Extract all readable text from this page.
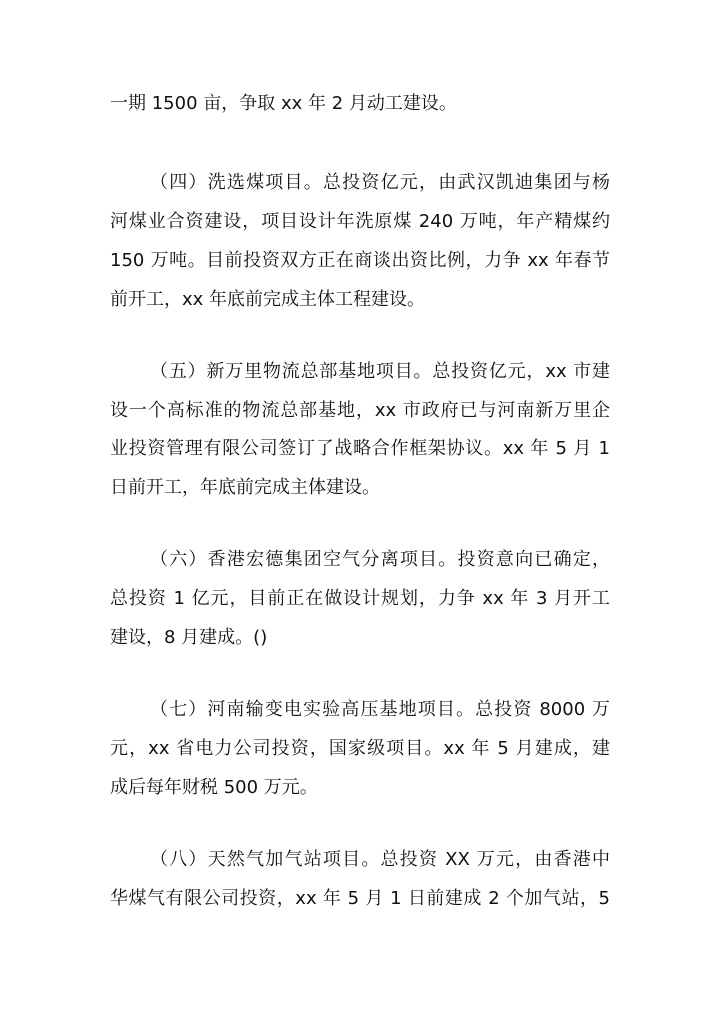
一期 1500 亩，争取 xx 年 2 月动工建设。
（四）洗选煤项目。总投资亿元，由武汉凯迪集团与杨
河煤业合资建设，项目设计年洗原煤 240 万吨，年产精煤约
150 万吨。目前投资双方正在商谈出资比例，力争 xx 年春节
前开工，xx 年底前完成主体工程建设。
（五）新万里物流总部基地项目。总投资亿元，xx 市建
设一个高标准的物流总部基地，xx 市政府已与河南新万里企
业投资管理有限公司签订了战略合作框架协议。xx 年 5 月 1
日前开工，年底前完成主体建设。
（六）香港宏德集团空气分离项目。投资意向已确定，
总投资 1 亿元，目前正在做设计规划，力争 xx 年 3 月开工
建设，8 月建成。()
（七）河南输变电实验高压基地项目。总投资 8000 万
元，xx 省电力公司投资，国家级项目。xx 年 5 月建成，建
成后每年财税 500 万元。
（八）天然气加气站项目。总投资 XX 万元，由香港中
华煤气有限公司投资，xx 年 5 月 1 日前建成 2 个加气站，5
